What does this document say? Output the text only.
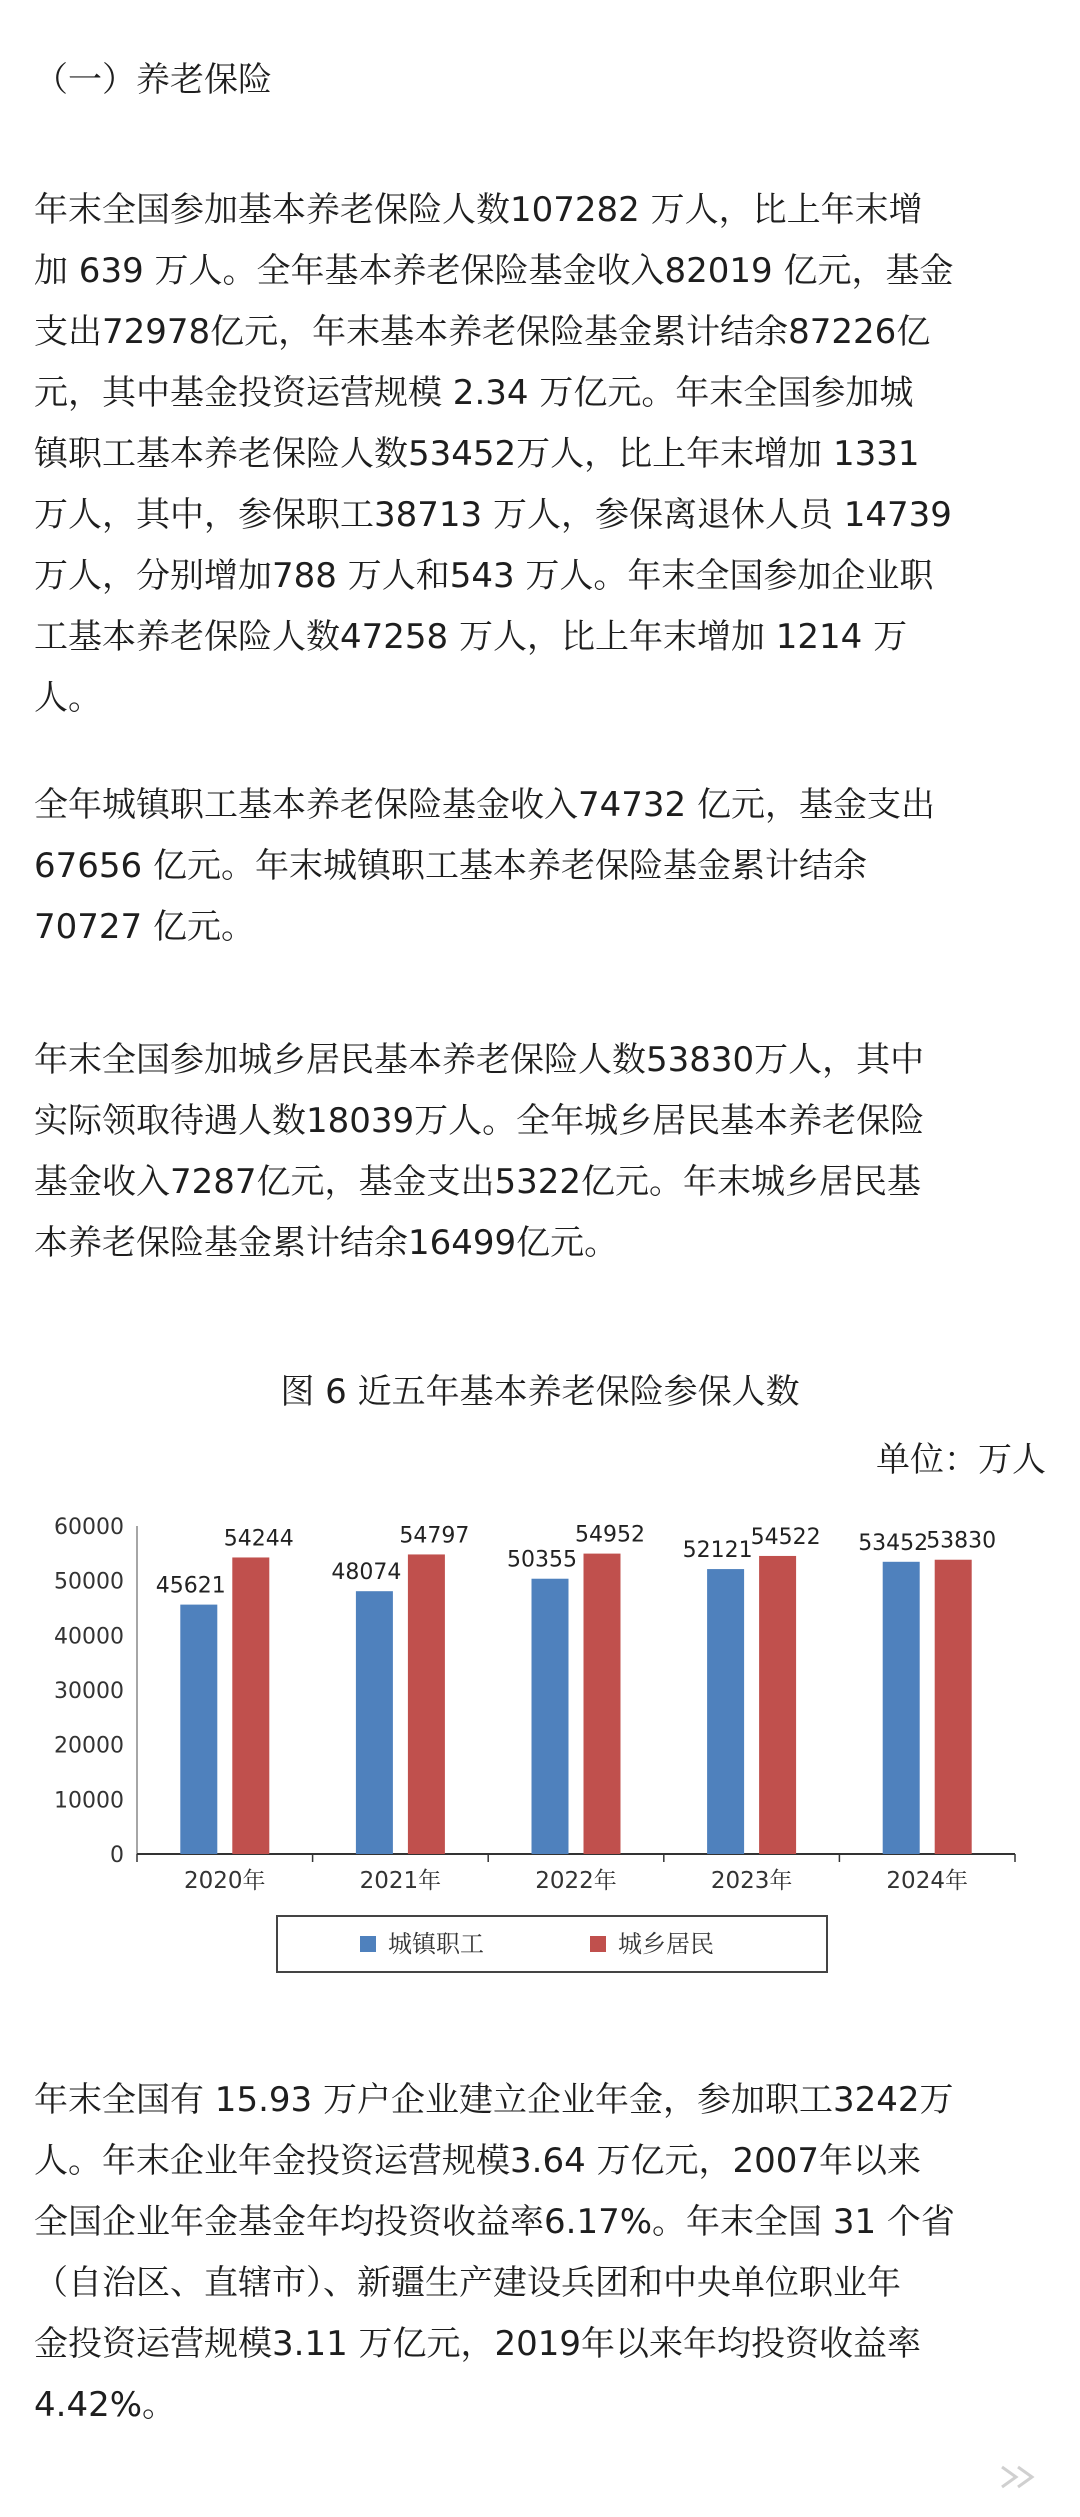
（一）养老保险
年末全国参加基本养老保险人数107282 万人，比上年末增
加 639 万人。全年基本养老保险基金收入82019 亿元，基金
支出72978亿元，年末基本养老保险基金累计结余87226亿
元，其中基金投资运营规模 2.34 万亿元。年末全国参加城
镇职工基本养老保险人数53452万人，比上年末增加 1331
万人，其中，参保职工38713 万人，参保离退休人员 14739
万人，分别增加788 万人和543 万人。年末全国参加企业职
工基本养老保险人数47258 万人，比上年末增加 1214 万
人。
全年城镇职工基本养老保险基金收入74732 亿元，基金支出
67656 亿元。年末城镇职工基本养老保险基金累计结余
70727 亿元。
年末全国参加城乡居民基本养老保险人数53830万人，其中
实际领取待遇人数18039万人。全年城乡居民基本养老保险
基金收入7287亿元，基金支出5322亿元。年末城乡居民基
本养老保险基金累计结余16499亿元。
图 6 近五年基本养老保险参保人数
单位：万人
0
10000
20000
30000
40000
50000
60000
2020年
45621
54244
2021年
48074
54797
2022年
50355
54952
2023年
52121
54522
2024年
53452
53830
城镇职工	城乡居民
年末全国有 15.93 万户企业建立企业年金，参加职工3242万
人。年末企业年金投资运营规模3.64 万亿元，2007年以来
全国企业年金基金年均投资收益率6.17%。年末全国 31 个省
（自治区、直辖市）、新疆生产建设兵团和中央单位职业年
金投资运营规模3.11 万亿元，2019年以来年均投资收益率
4.42%。
